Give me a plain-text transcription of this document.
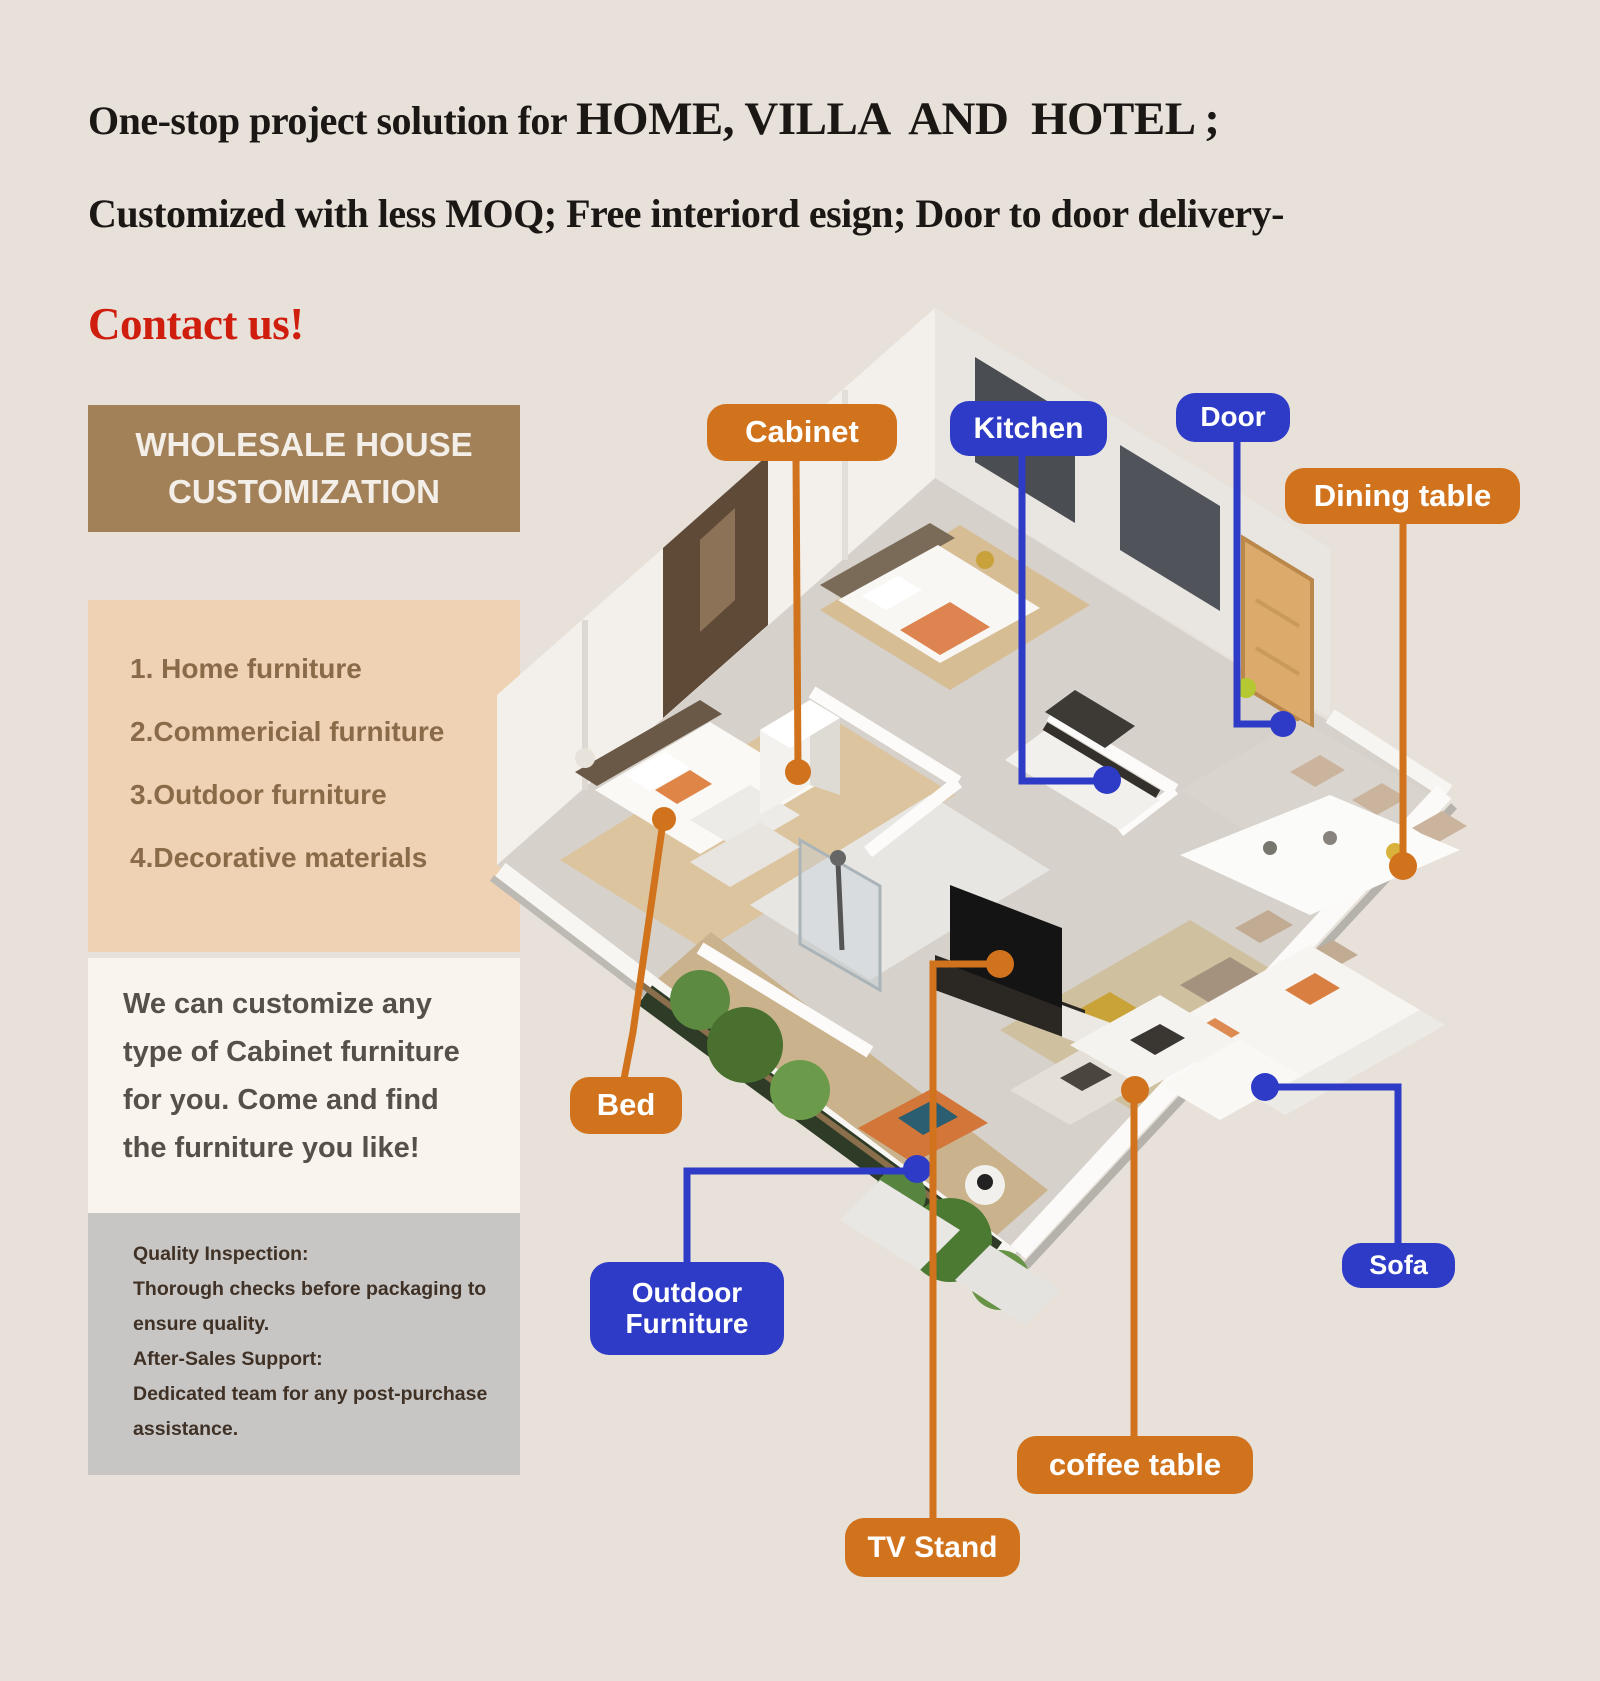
One-stop project solution for HOME, VILLA  AND  HOTEL ;
Customized with less MOQ; Free interiord esign; Door to door delivery-
Contact us!
WHOLESALE HOUSE CUSTOMIZATION
1. Home furniture
2.Commericial furniture
3.Outdoor furniture
4.Decorative materials
We can customize any
type of Cabinet furniture
for you. Come and find
the furniture you like!
Quality Inspection:
Thorough checks before packaging to
ensure quality.
After-Sales Support:
Dedicated team for any post-purchase
assistance.
Cabinet	Kitchen	Door
Dining table
Bed
Outdoor Furniture
Sofa
coffee table
TV Stand
